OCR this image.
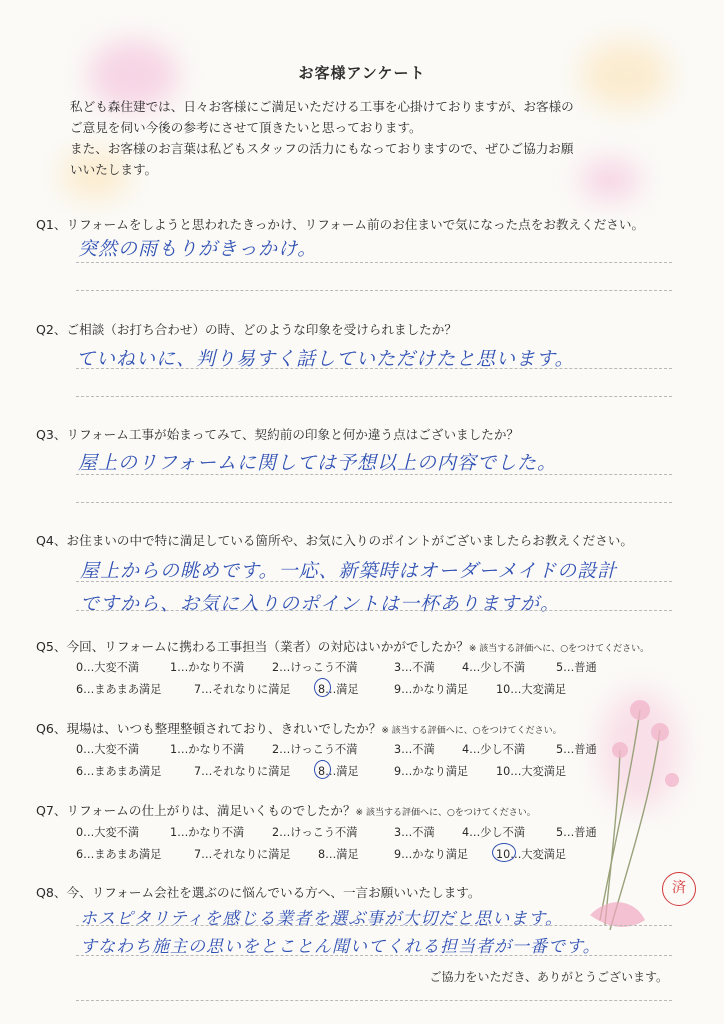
お客様アンケート
私ども森住建では、日々お客様にご満足いただける工事を心掛けておりますが、お客様の
ご意見を伺い今後の参考にさせて頂きたいと思っております。
また、お客様のお言葉は私どもスタッフの活力にもなっておりますので、ぜひご協力お願
いいたします。
Q1、リフォームをしようと思われたきっかけ、リフォーム前のお住まいで気になった点をお教えください。
突然の雨もりがきっかけ。
Q2、ご相談（お打ち合わせ）の時、どのような印象を受けられましたか？
ていねいに、判り易すく話していただけたと思います。
Q3、リフォーム工事が始まってみて、契約前の印象と何か違う点はございましたか？
屋上のリフォームに関しては予想以上の内容でした。
Q4、お住まいの中で特に満足している箇所や、お気に入りのポイントがございましたらお教えください。
屋上からの眺めです。一応、新築時はオーダーメイドの設計
ですから、お気に入りのポイントは一杯ありますが。
Q5、今回、リフォームに携わる工事担当（業者）の対応はいかがでしたか？※ 該当する評価へに、○をつけてください。
0…大変不満	1…かなり不満 2…けっこう不満	3…不満 4…少し不満	5…普通
6…まあまあ満足	7…それなりに満足 8…満足	9…かなり満足 10…大変満足
Q6、現場は、いつも整理整頓されており、きれいでしたか？※ 該当する評価へに、○をつけてください。
0…大変不満	1…かなり不満 2…けっこう不満	3…不満 4…少し不満	5…普通
6…まあまあ満足	7…それなりに満足 8…満足	9…かなり満足 10…大変満足
Q7、リフォームの仕上がりは、満足いくものでしたか？※ 該当する評価へに、○をつけてください。
0…大変不満	1…かなり不満 2…けっこう不満	3…不満 4…少し不満	5…普通
6…まあまあ満足	7…それなりに満足 8…満足	9…かなり満足 10…大変満足
Q8、今、リフォーム会社を選ぶのに悩んでいる方へ、一言お願いいたします。
ホスピタリティを感じる業者を選ぶ事が大切だと思います。
すなわち施主の思いをとことん聞いてくれる担当者が一番です。
済
ご協力をいただき、ありがとうございます。
